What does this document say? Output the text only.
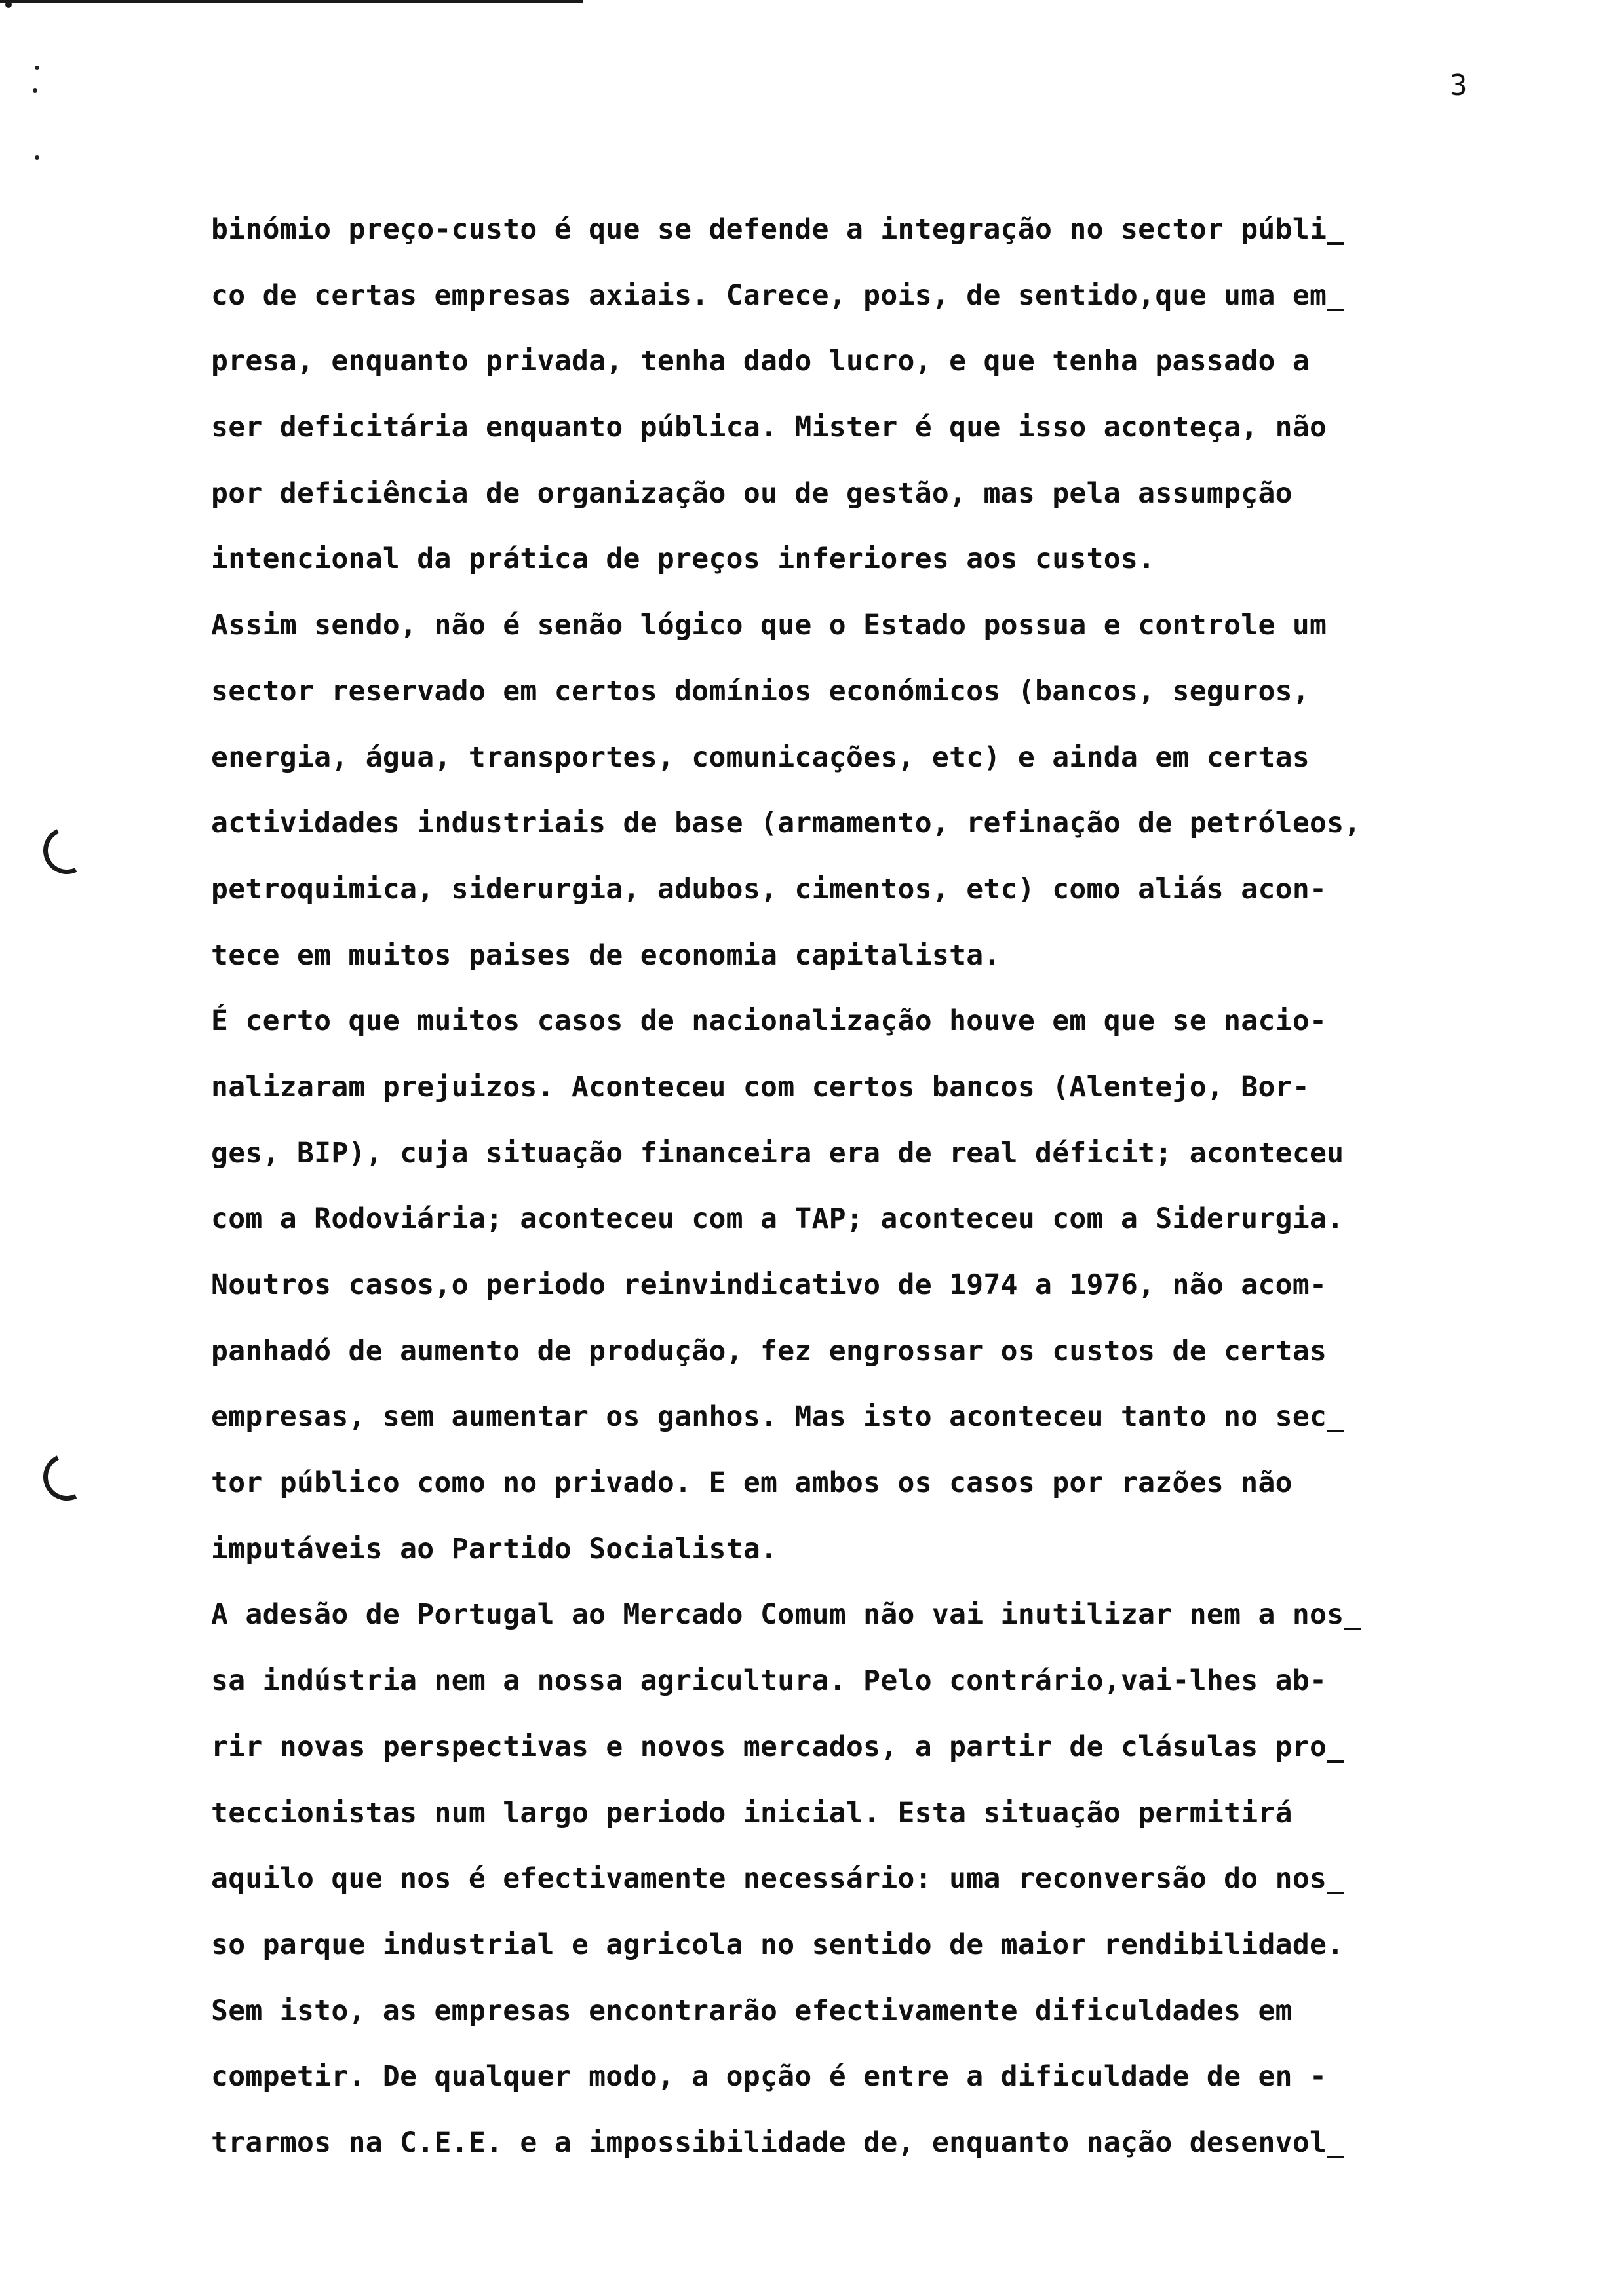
3
binómio preço-custo é que se defende a integração no sector públi_
co de certas empresas axiais. Carece, pois, de sentido,que uma em_
presa, enquanto privada, tenha dado lucro, e que tenha passado a
ser deficitária enquanto pública. Mister é que isso aconteça, não
por deficiência de organização ou de gestão, mas pela assumpção
intencional da prática de preços inferiores aos custos.
Assim sendo, não é senão lógico que o Estado possua e controle um
sector reservado em certos domínios económicos (bancos, seguros,
energia, água, transportes, comunicações, etc) e ainda em certas
actividades industriais de base (armamento, refinação de petróleos,
petroquimica, siderurgia, adubos, cimentos, etc) como aliás acon-
tece em muitos paises de economia capitalista.
É certo que muitos casos de nacionalização houve em que se nacio-
nalizaram prejuizos. Aconteceu com certos bancos (Alentejo, Bor-
ges, BIP), cuja situação financeira era de real déficit; aconteceu
com a Rodoviária; aconteceu com a TAP; aconteceu com a Siderurgia.
Noutros casos,o periodo reinvindicativo de 1974 a 1976, não acom-
panhadó de aumento de produção, fez engrossar os custos de certas
empresas, sem aumentar os ganhos. Mas isto aconteceu tanto no sec_
tor público como no privado. E em ambos os casos por razões não
imputáveis ao Partido Socialista.
A adesão de Portugal ao Mercado Comum não vai inutilizar nem a nos_
sa indústria nem a nossa agricultura. Pelo contrário,vai-lhes ab-
rir novas perspectivas e novos mercados, a partir de clásulas pro_
teccionistas num largo periodo inicial. Esta situação permitirá
aquilo que nos é efectivamente necessário: uma reconversão do nos_
so parque industrial e agricola no sentido de maior rendibilidade.
Sem isto, as empresas encontrarão efectivamente dificuldades em
competir. De qualquer modo, a opção é entre a dificuldade de en -
trarmos na C.E.E. e a impossibilidade de, enquanto nação desenvol_
